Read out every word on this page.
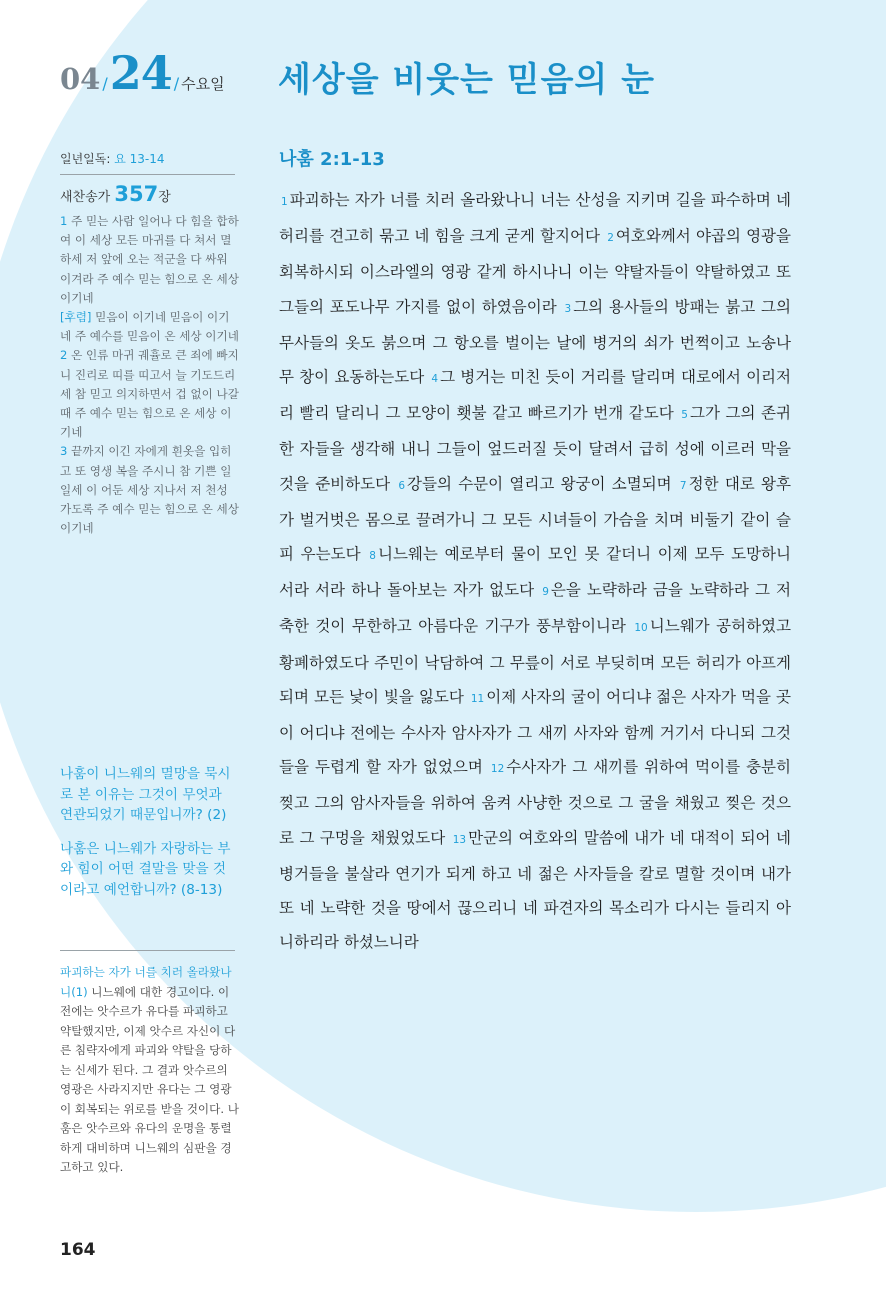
04 /24 / 수요일 세상을 비웃는 믿음의 눈
일년일독: 요 13-14
새찬송가 357장

1 주 믿는 사람 일어나 다 힘을 합하여 이 세상 모든 마귀를 다 쳐서 멸하세 저 앞에 오는 적군을 다 싸워 이겨라 주 예수 믿는 힘으로 온 세상 이기네

[후렴] 믿음이 이기네 믿음이 이기네 주 예수를 믿음이 온 세상 이기네

2 온 인류 마귀 궤휼로 큰 죄에 빠지니 진리로 띠를 띠고서 늘 기도드리세 참 믿고 의지하면서 겁 없이 나갈 때 주 예수 믿는 힘으로 온 세상 이기네

3 끝까지 이긴 자에게 흰옷을 입히고 또 영생 복을 주시니 참 기쁜 일일세 이 어둔 세상 지나서 저 천성 가도록 주 예수 믿는 힘으로 온 세상 이기네

나훔이 니느웨의 멸망을 묵시로 본 이유는 그것이 무엇과 연관되었기 때문입니까? (2)

나훔은 니느웨가 자랑하는 부와 힘이 어떤 결말을 맞을 것이라고 예언합니까? (8-13)

파괴하는 자가 너를 치러 올라왔나니(1) 니느웨에 대한 경고이다. 이전에는 앗수르가 유다를 파괴하고 약탈했지만, 이제 앗수르 자신이 다른 침략자에게 파괴와 약탈을 당하는 신세가 된다. 그 결과 앗수르의 영광은 사라지지만 유다는 그 영광이 회복되는 위로를 받을 것이다. 나훔은 앗수르와 유다의 운명을 통렬하게 대비하며 니느웨의 심판을 경고하고 있다.
164
나훔 2:1-13
1 파괴하는 자가 너를 치러 올라왔나니 너는 산성을 지키며 길을 파수하며 네 허리를 견고히 묶고 네 힘을 크게 굳게 할지어다 2 여호와께서 야곱의 영광을 회복하시되 이스라엘의 영광 같게 하시나니 이는 약탈자들이 약탈하였고 또 그들의 포도나무 가지를 없이 하였음이라 3 그의 용사들의 방패는 붉고 그의 무사들의 옷도 붉으며 그 항오를 벌이는 날에 병거의 쇠가 번쩍이고 노송나무 창이 요동하는도다 4 그 병거는 미친 듯이 거리를 달리며 대로에서 이리저리 빨리 달리니 그 모양이 횃불 같고 빠르기가 번개 같도다 5 그가 그의 존귀한 자들을 생각해 내니 그들이 엎드러질 듯이 달려서 급히 성에 이르러 막을 것을 준비하도다 6 강들의 수문이 열리고 왕궁이 소멸되며 7 정한 대로 왕후가 벌거벗은 몸으로 끌려가니 그 모든 시녀들이 가슴을 치며 비둘기 같이 슬피 우는도다 8 니느웨는 예로부터 물이 모인 못 같더니 이제 모두 도망하니 서라 서라 하나 돌아보는 자가 없도다 9 은을 노략하라 금을 노략하라 그 저축한 것이 무한하고 아름다운 기구가 풍부함이니라 10 니느웨가 공허하였고 황폐하였도다 주민이 낙담하여 그 무릎이 서로 부딪히며 모든 허리가 아프게 되며 모든 낯이 빛을 잃도다 11 이제 사자의 굴이 어디냐 젊은 사자가 먹을 곳이 어디냐 전에는 수사자 암사자가 그 새끼 사자와 함께 거기서 다니되 그것들을 두렵게 할 자가 없었으며 12 수사자가 그 새끼를 위하여 먹이를 충분히 찢고 그의 암사자들을 위하여 움켜 사냥한 것으로 그 굴을 채웠고 찢은 것으로 그 구멍을 채웠었도다 13 만군의 여호와의 말씀에 내가 네 대적이 되어 네 병거들을 불살라 연기가 되게 하고 네 젊은 사자들을 칼로 멸할 것이며 내가 또 네 노략한 것을 땅에서 끊으리니 네 파견자의 목소리가 다시는 들리지 아니하리라 하셨느니라
